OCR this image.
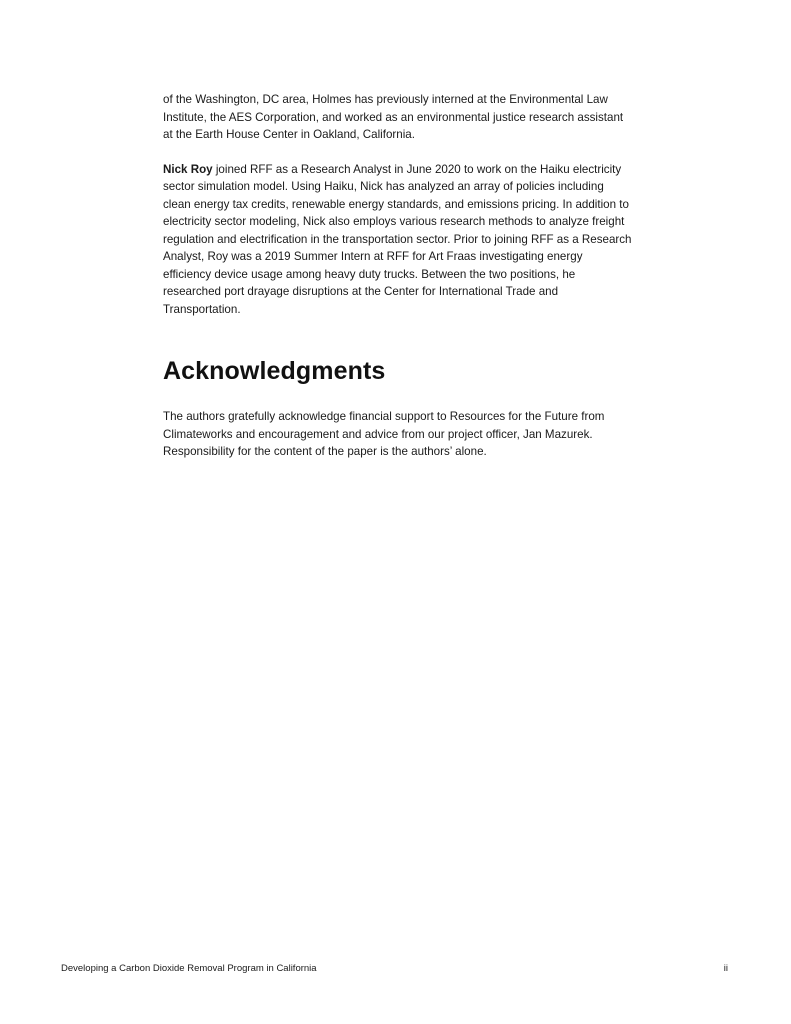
of the Washington, DC area, Holmes has previously interned at the Environmental Law Institute, the AES Corporation, and worked as an environmental justice research assistant at the Earth House Center in Oakland, California.

Nick Roy joined RFF as a Research Analyst in June 2020 to work on the Haiku electricity sector simulation model. Using Haiku, Nick has analyzed an array of policies including clean energy tax credits, renewable energy standards, and emissions pricing. In addition to electricity sector modeling, Nick also employs various research methods to analyze freight regulation and electrification in the transportation sector. Prior to joining RFF as a Research Analyst, Roy was a 2019 Summer Intern at RFF for Art Fraas investigating energy efficiency device usage among heavy duty trucks. Between the two positions, he researched port drayage disruptions at the Center for International Trade and Transportation.

Acknowledgments

The authors gratefully acknowledge financial support to Resources for the Future from Climateworks and encouragement and advice from our project officer, Jan Mazurek. Responsibility for the content of the paper is the authors’ alone.

Developing a Carbon Dioxide Removal Program in California	ii
